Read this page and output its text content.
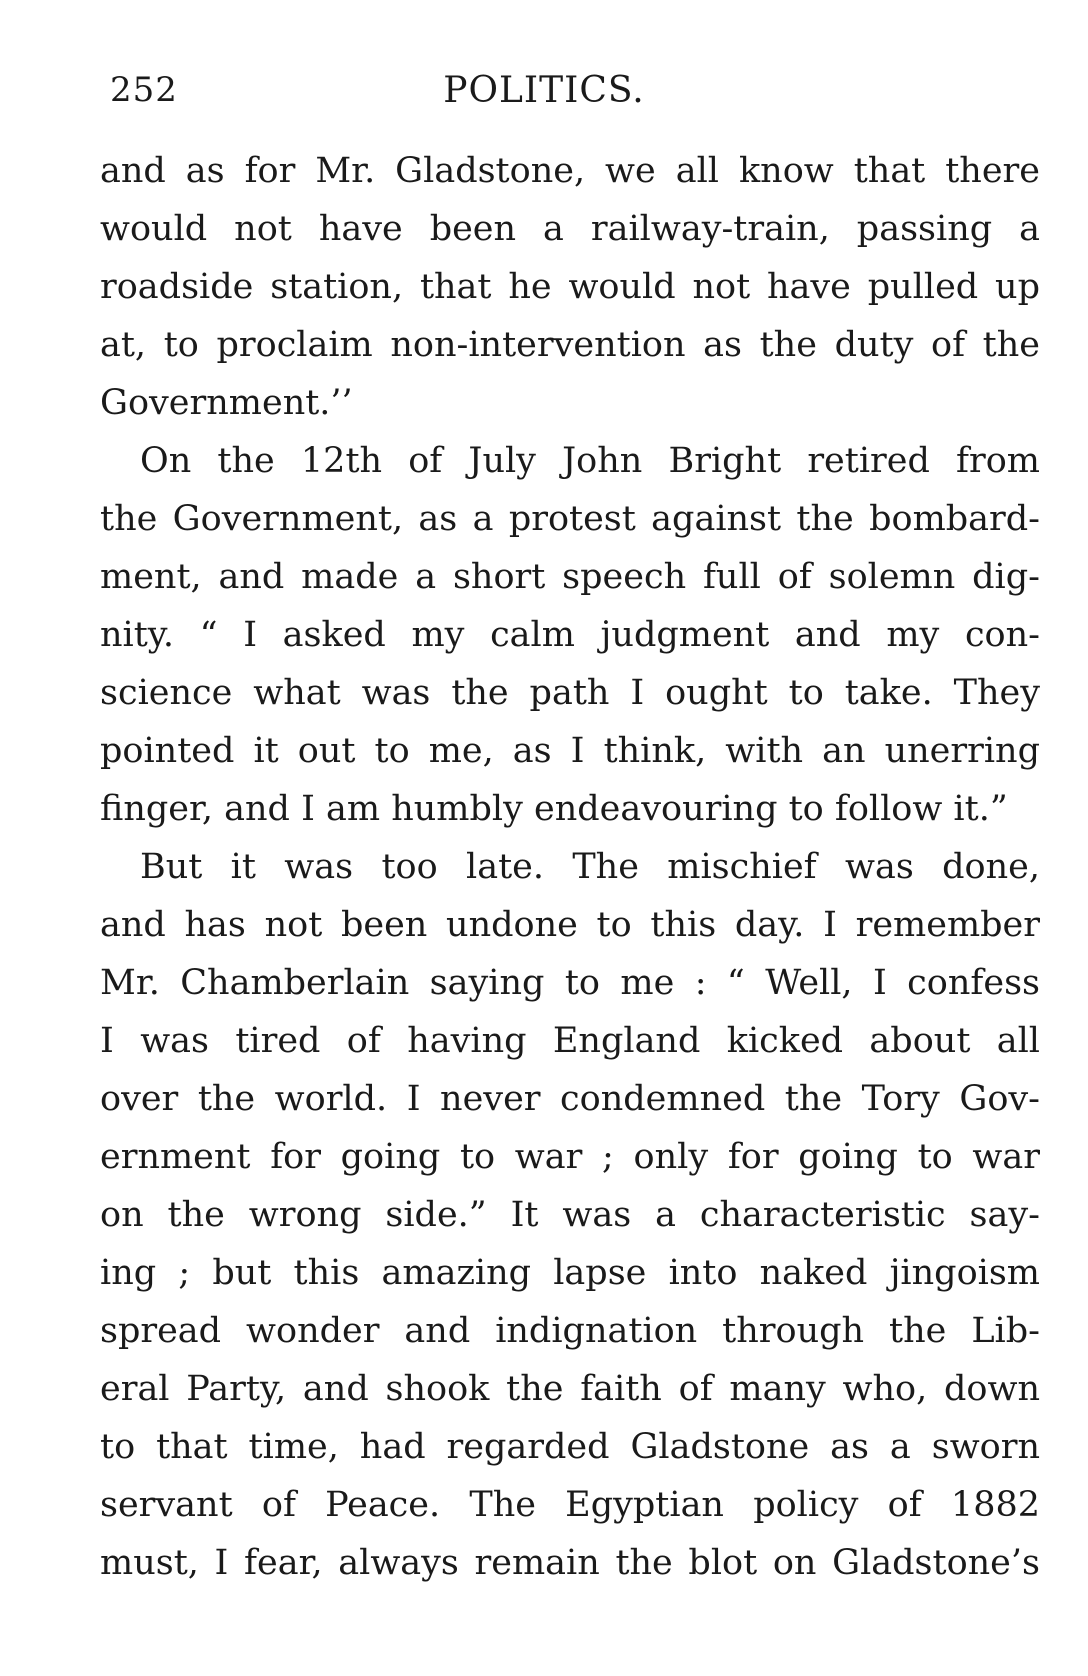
252	POLITICS.
and as for Mr. Gladstone, we all know that there
would not have been a railway-train, passing a
roadside station, that he would not have pulled up
at, to proclaim non-intervention as the duty of the
Government.’’
On the 12th of July John Bright retired from
the Government, as a protest against the bombard-
ment, and made a short speech full of solemn dig-
nity. “ I asked my calm judgment and my con-
science what was the path I ought to take. They
pointed it out to me, as I think, with an unerring
finger, and I am humbly endeavouring to follow it.”
But it was too late. The mischief was done,
and has not been undone to this day. I remember
Mr. Chamberlain saying to me : “ Well, I confess
I was tired of having England kicked about all
over the world. I never condemned the Tory Gov-
ernment for going to war ; only for going to war
on the wrong side.” It was a characteristic say-
ing ; but this amazing lapse into naked jingoism
spread wonder and indignation through the Lib-
eral Party, and shook the faith of many who, down
to that time, had regarded Gladstone as a sworn
servant of Peace. The Egyptian policy of 1882
must, I fear, always remain the blot on Gladstone’s
